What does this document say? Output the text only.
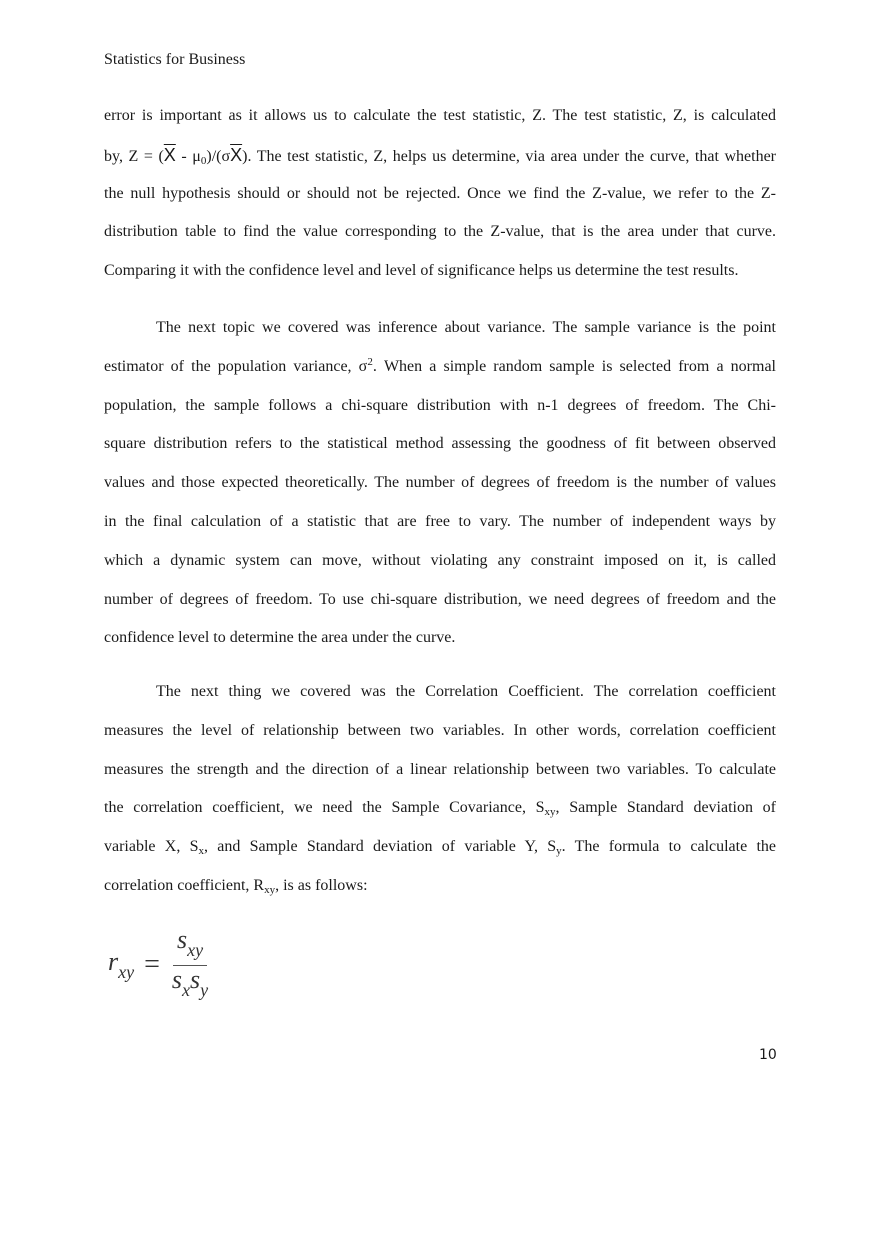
Statistics for Business
error is important as it allows us to calculate the test statistic, Z. The test statistic, Z, is calculated
by, $Z = (\overline{X} - \mu_0)/(\sigma\overline{X})$. The test statistic, Z, helps us determine, via area under the curve, that whether
the null hypothesis should or should not be rejected. Once we find the Z-value, we refer to the Z-
distribution table to find the value corresponding to the Z-value, that is the area under that curve.
Comparing it with the confidence level and level of significance helps us determine the test results.
The next topic we covered was inference about variance. The sample variance is the point
estimator of the population variance, $\sigma^2$. When a simple random sample is selected from a normal
population, the sample follows a chi-square distribution with n-1 degrees of freedom. The Chi-
square distribution refers to the statistical method assessing the goodness of fit between observed
values and those expected theoretically. The number of degrees of freedom is the number of values
in the final calculation of a statistic that are free to vary. The number of independent ways by
which a dynamic system can move, without violating any constraint imposed on it, is called
number of degrees of freedom. To use chi-square distribution, we need degrees of freedom and the
confidence level to determine the area under the curve.
The next thing we covered was the Correlation Coefficient. The correlation coefficient
measures the level of relationship between two variables. In other words, correlation coefficient
measures the strength and the direction of a linear relationship between two variables. To calculate
the correlation coefficient, we need the Sample Covariance, $S_{xy}$, Sample Standard deviation of
variable X, $S_x$, and Sample Standard deviation of variable Y, $S_y$. The formula to calculate the
correlation coefficient, $R_{xy}$, is as follows:
$r_{xy} = \frac{s_{xy}}{s_xs_y}$
10
